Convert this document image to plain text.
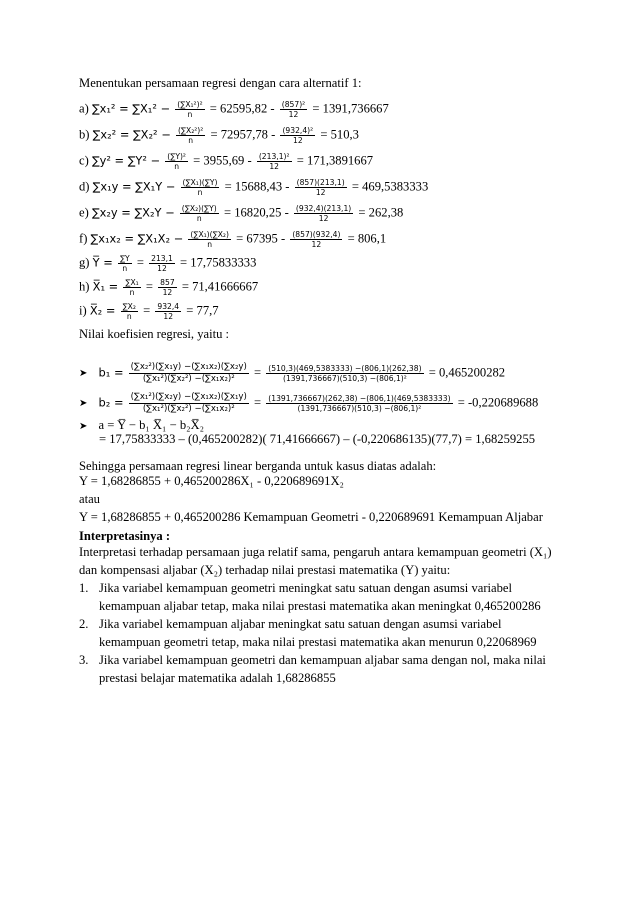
Menentukan persamaan regresi dengan cara alternatif 1:
a) $\sum x_1^2 = \sum X_1^2 - \frac{\text{(∑X₁²)²}}{n} = 62595,82 - \frac{\text{(857)²}}{12} = 1391,736667$
b) $\sum x_2^2 = \sum X_2^2 - \frac{\text{(∑X₂²)²}}{n} = 72957,78 - \frac{\text{(932,4)²}}{12} = 510,3$
c) $\sum y^2 = \sum Y^2 - \frac{\text{(∑Y)²}}{n} = 3955,69 - \frac{\text{(213,1)²}}{12} = 171,3891667$
d) $\sum x_1y = \sum X_1Y - \frac{\text{(∑X₁)(∑Y)}}{n} = 15688,43 - \frac{(857)(213,1)}{12} = 469,5383333$
e) $\sum x_2y = \sum X_2Y - \frac{\text{(∑X₂)(∑Y)}}{n} = 16820,25 - \frac{(932,4)(213,1)}{12} = 262,38$
f) $\sum x_1x_2 = \sum X_1X_2 - \frac{\text{(∑X₁)(∑X₂)}}{n} = 67395 - \frac{(857)(932,4)}{12} = 806,1$
g) Y̅ = $\frac{\sum Y}{n} = \frac{213,1}{12} = 17,75833333$
h) X̅₁ = $\frac{\text{∑X₁}}{n} = \frac{857}{12} = 71,41666667$
i) X̅₂ = $\frac{\text{∑X₂}}{n} = \frac{932,4}{12} = 77,7$
Nilai koefisien regresi, yaitu :
➤ $b_1 = \frac{\text{(∑x₂²)(∑x₁y) −(∑x₁x₂)(∑x₂y)}}{\text{(∑x₁²)(∑x₂²) −(∑x₁x₂)²}} = \frac{(510,3)(469,5383333) -(806,1)(262,38)}{\text{(1391,736667)(510,3) −(806,1)²}} = 0,465200282$
➤ $b_2 = \frac{\text{(∑x₁²)(∑x₂y) −(∑x₁x₂)(∑x₁y)}}{\text{(∑x₁²)(∑x₂²) −(∑x₁x₂)²}} = \frac{(1391,736667)(262,38) -(806,1)(469,5383333)}{\text{(1391,736667)(510,3) −(806,1)²}} = -0,220689688$
➤ a = Y̅ − b₁ X̅₁ − b₂X̅₂
= 17,75833333 – (0,465200282)( 71,41666667) – (-0,220686135)(77,7) = 1,68259255
Sehingga persamaan regresi linear berganda untuk kasus diatas adalah:
Y = 1,68286855 + 0,465200286X₁ - 0,220689691X₂
atau
Y = 1,68286855 + 0,465200286 Kemampuan Geometri - 0,220689691 Kemampuan Aljabar
Interpretasinya :
Interpretasi terhadap persamaan juga relatif sama, pengaruh antara kemampuan geometri (X₁)
dan kompensasi aljabar (X₂) terhadap nilai prestasi matematika (Y) yaitu:
1. Jika variabel kemampuan geometri meningkat satu satuan dengan asumsi variabel
kemampuan aljabar tetap, maka nilai prestasi matematika akan meningkat 0,465200286
2. Jika variabel kemampuan aljabar meningkat satu satuan dengan asumsi variabel
kemampuan geometri tetap, maka nilai prestasi matematika akan menurun 0,22068969
3. Jika variabel kemampuan geometri dan kemampuan aljabar sama dengan nol, maka nilai
prestasi belajar matematika adalah 1,68286855
